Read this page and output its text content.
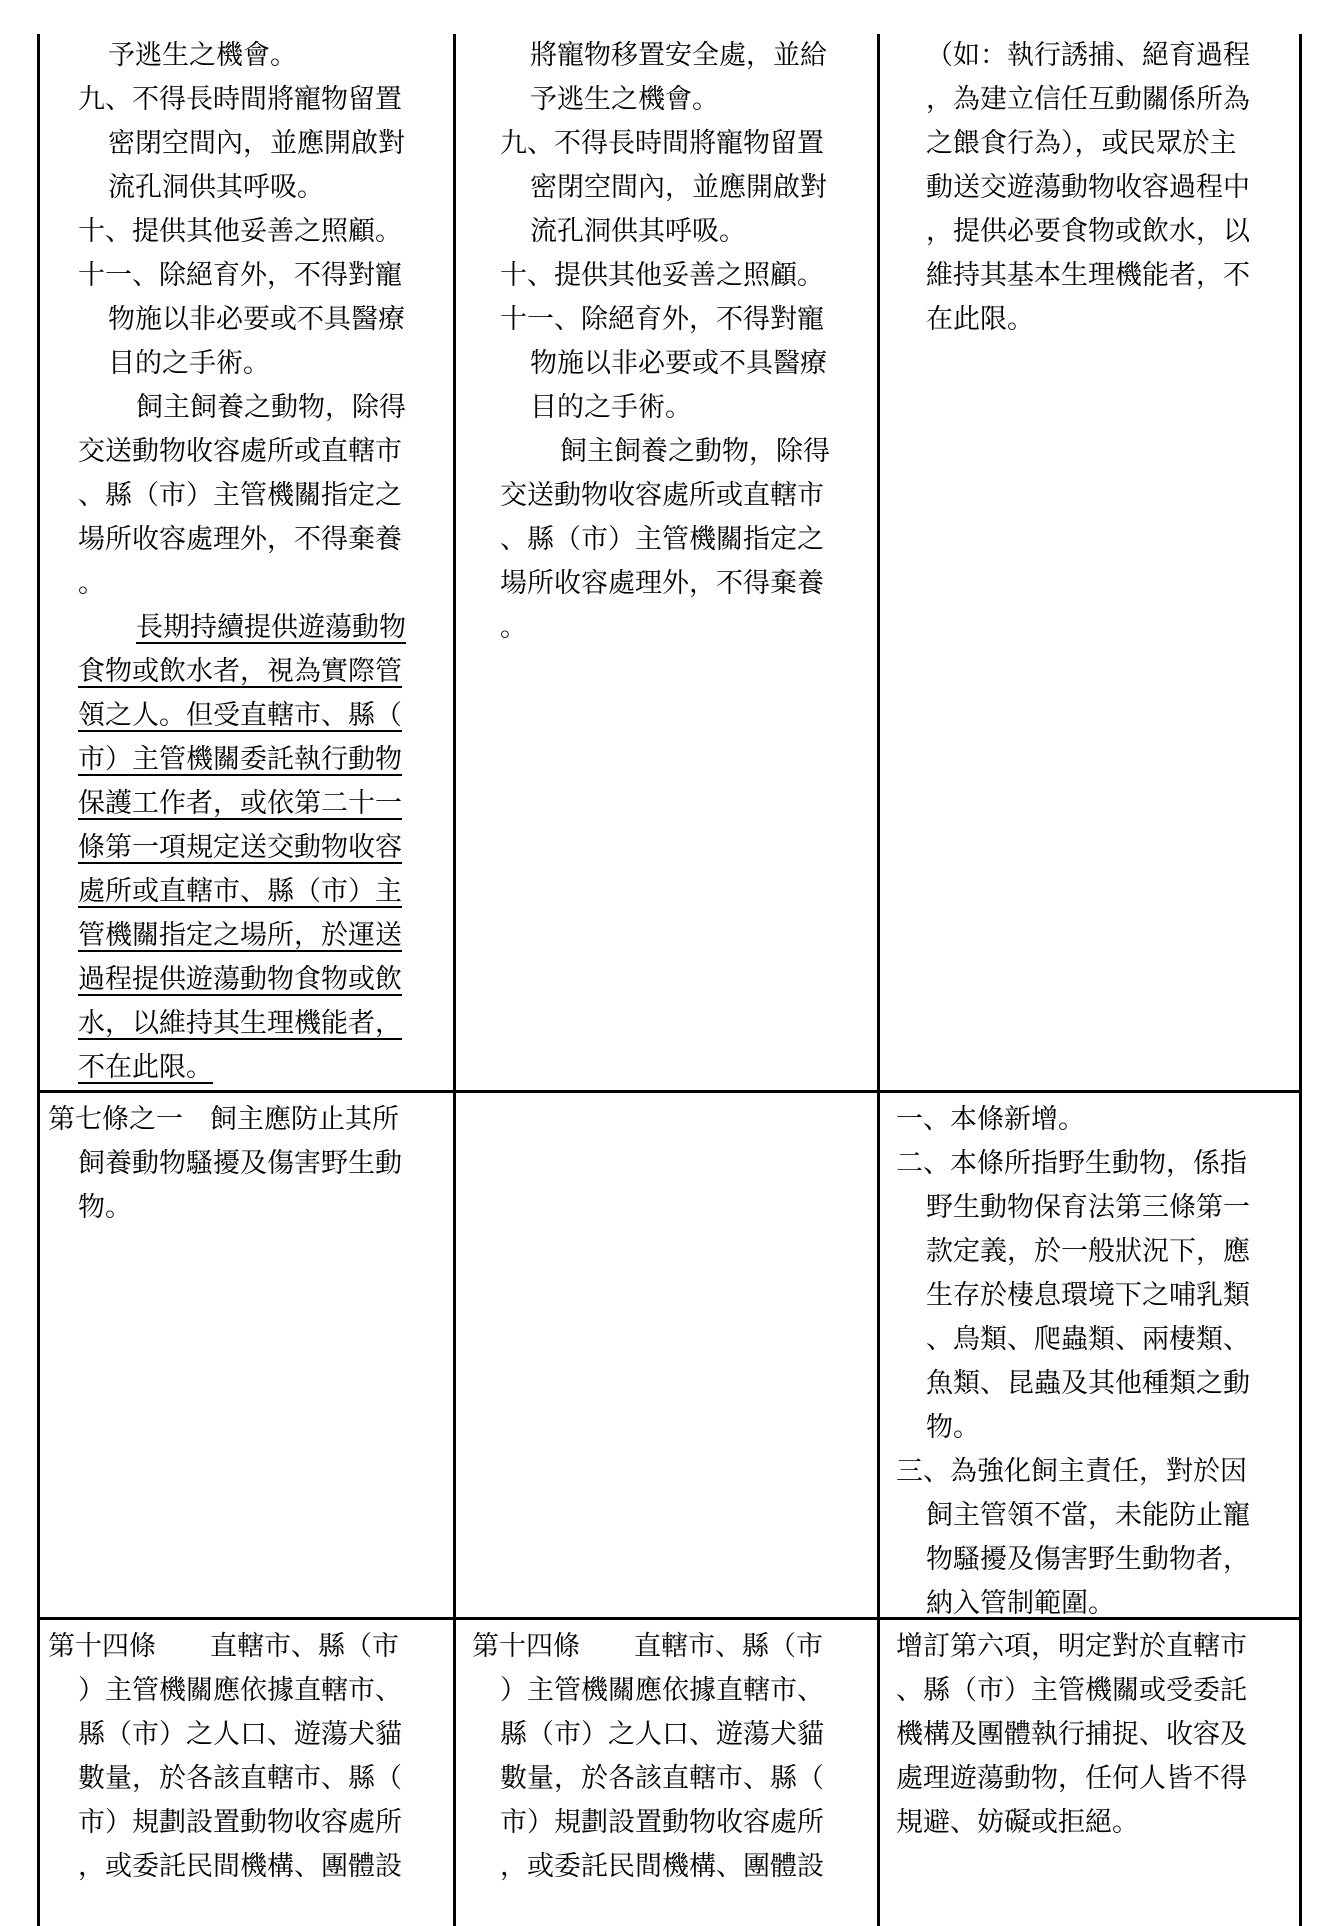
予逃生之機會。
九、不得長時間將寵物留置
密閉空間內，並應開啟對
流孔洞供其呼吸。
十、提供其他妥善之照顧。
十一、除絕育外，不得對寵
物施以非必要或不具醫療
目的之手術。
飼主飼養之動物，除得
交送動物收容處所或直轄市
、縣（市）主管機關指定之
場所收容處理外，不得棄養
。
長期持續提供遊蕩動物
食物或飲水者，視為實際管
領之人。但受直轄市、縣（
市）主管機關委託執行動物
保護工作者，或依第二十一
條第一項規定送交動物收容
處所或直轄市、縣（市）主
管機關指定之場所，於運送
過程提供遊蕩動物食物或飲
水，以維持其生理機能者，
不在此限。
將寵物移置安全處，並給
予逃生之機會。
九、不得長時間將寵物留置
密閉空間內，並應開啟對
流孔洞供其呼吸。
十、提供其他妥善之照顧。
十一、除絕育外，不得對寵
物施以非必要或不具醫療
目的之手術。
飼主飼養之動物，除得
交送動物收容處所或直轄市
、縣（市）主管機關指定之
場所收容處理外，不得棄養
。
（如：執行誘捕、絕育過程
，為建立信任互動關係所為
之餵食行為），或民眾於主
動送交遊蕩動物收容過程中
，提供必要食物或飲水，以
維持其基本生理機能者，不
在此限。
第七條之一　飼主應防止其所
飼養動物騷擾及傷害野生動
物。
一、本條新增。
二、本條所指野生動物，係指
野生動物保育法第三條第一
款定義，於一般狀況下，應
生存於棲息環境下之哺乳類
、鳥類、爬蟲類、兩棲類、
魚類、昆蟲及其他種類之動
物。
三、為強化飼主責任，對於因
飼主管領不當，未能防止寵
物騷擾及傷害野生動物者，
納入管制範圍。
第十四條　　直轄市、縣（市
）主管機關應依據直轄市、
縣（市）之人口、遊蕩犬貓
數量，於各該直轄市、縣（
市）規劃設置動物收容處所
，或委託民間機構、團體設
第十四條　　直轄市、縣（市
）主管機關應依據直轄市、
縣（市）之人口、遊蕩犬貓
數量，於各該直轄市、縣（
市）規劃設置動物收容處所
，或委託民間機構、團體設
增訂第六項，明定對於直轄市
、縣（市）主管機關或受委託
機構及團體執行捕捉、收容及
處理遊蕩動物，任何人皆不得
規避、妨礙或拒絕。
